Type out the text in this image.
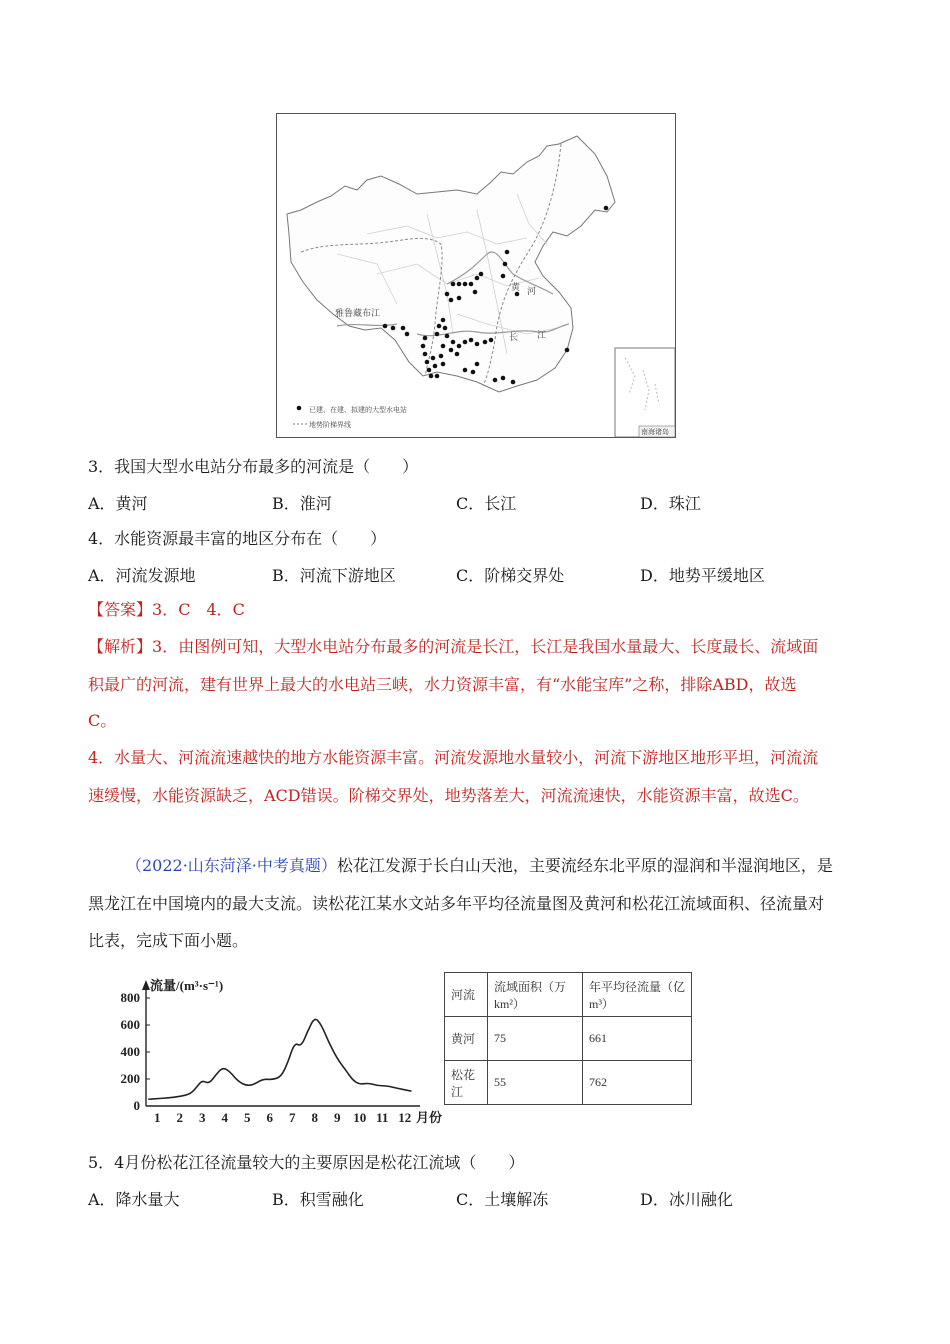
雅鲁藏布江
黄 河
长 江
已建、在建、拟建的大型水电站
地势阶梯界线
南海诸岛
3．我国大型水电站分布最多的河流是（　　）
A．黄河	B．淮河	C．长江	D．珠江
4．水能资源最丰富的地区分布在（　　）
A．河流发源地	B．河流下游地区	C．阶梯交界处	D．地势平缓地区
【答案】3．C　4．C
【解析】3．由图例可知，大型水电站分布最多的河流是长江，长江是我国水量最大、长度最长、流域面
积最广的河流，建有世界上最大的水电站三峡，水力资源丰富，有“水能宝库”之称，排除ABD，故选
C。
4．水量大、河流流速越快的地方水能资源丰富。河流发源地水量较小，河流下游地区地形平坦，河流流
速缓慢，水能资源缺乏，ACD错误。阶梯交界处，地势落差大，河流流速快，水能资源丰富，故选C。
（2022·山东菏泽·中考真题）松花江发源于长白山天池，主要流经东北平原的湿润和半湿润地区，是
黑龙江在中国境内的最大支流。读松花江某水文站多年平均径流量图及黄河和松花江流域面积、径流量对
比表，完成下面小题。
0
200
400
600
800
1 2 3 4 5 6 7 8 9 10 11 12
流量/(m³·s⁻¹)
月份
河流	流域面积（万km²）	年平均径流量（亿m³）
黄河	75	661
松花江	55	762
5．4月份松花江径流量较大的主要原因是松花江流域（　　）
A．降水量大	B．积雪融化	C．土壤解冻	D．冰川融化
